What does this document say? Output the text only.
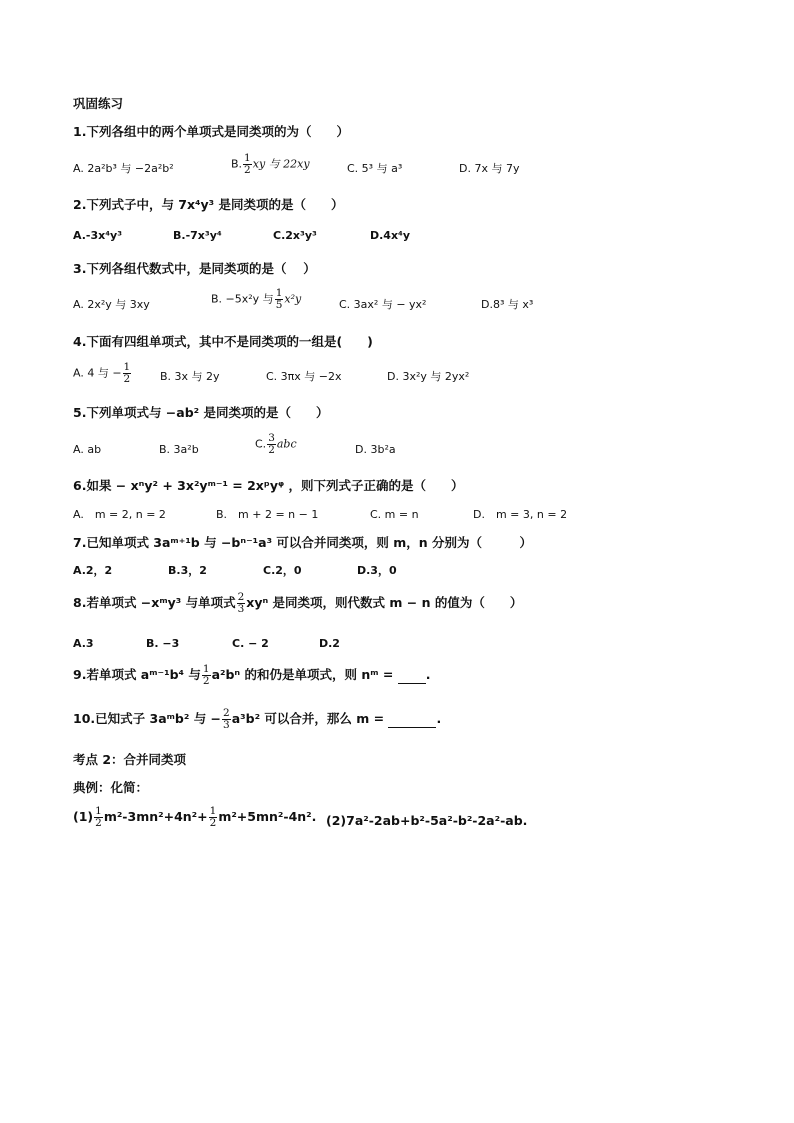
巩固练习
1.下列各组中的两个单项式是同类项的为（　　）
A. 2a²b³ 与 −2a²b²	B. $\frac{1}{2}$ xy 与 22xy	C. 5³ 与 a³	D. 7x 与 7y
2.下列式子中，与 7x⁴y³ 是同类项的是（　　）
A.-3x⁴y³	B.-7x³y⁴	C.2x³y³	D.4x⁴y
3.下列各组代数式中，是同类项的是（　 ）
A. 2x²y 与 3xy	B. −5x²y 与 $\frac{1}{5} x^2y$	C. 3ax² 与 − yx²	D.8³ 与 x³
4.下面有四组单项式，其中不是同类项的一组是(　　)
A. 4 与 − $\frac{1}{2}$	B. 3x 与 2y	C. 3πx 与 −2x	D. 3x²y 与 2yx²
5.下列单项式与 −ab² 是同类项的是（　　）
A. ab	B. 3a²b	C. $\frac{3}{2}$ abc	D. 3b²a
6.如果 − xⁿy² + 3x²yᵐ⁻¹ = 2xᵖyᵠ ，则下列式子正确的是（　　）
A.　m = 2, n = 2	B.　m + 2 = n − 1	C. m = n	D.　m = 3, n = 2
7.已知单项式 3aᵐ⁺¹b 与 −bⁿ⁻¹a³ 可以合并同类项，则 m，n 分别为（　　　）
A.2，2	B.3，2	C.2，0	D.3，0
8.若单项式 −xᵐy³ 与单项式 $\frac{2}{3}$ xyⁿ 是同类项，则代数式 m − n 的值为（　　）
A.3	B. −3	C. − 2	D.2
9.若单项式 aᵐ⁻¹b⁴ 与 $\frac{1}{2} a^2b^n$ 的和仍是单项式，则 nᵐ =  .
10.已知式子 3aᵐb² 与 − $\frac{2}{3} a^3b^2$ 可以合并，那么 m =	.
考点 2：合并同类项
典例：化简：
$(1) \frac{1}{2} m^2-3mn^2+4n^2+ \frac{1}{2} m^2+5mn^2-4n^2$. (2)7a²-2ab+b²-5a²-b²-2a²-ab.
